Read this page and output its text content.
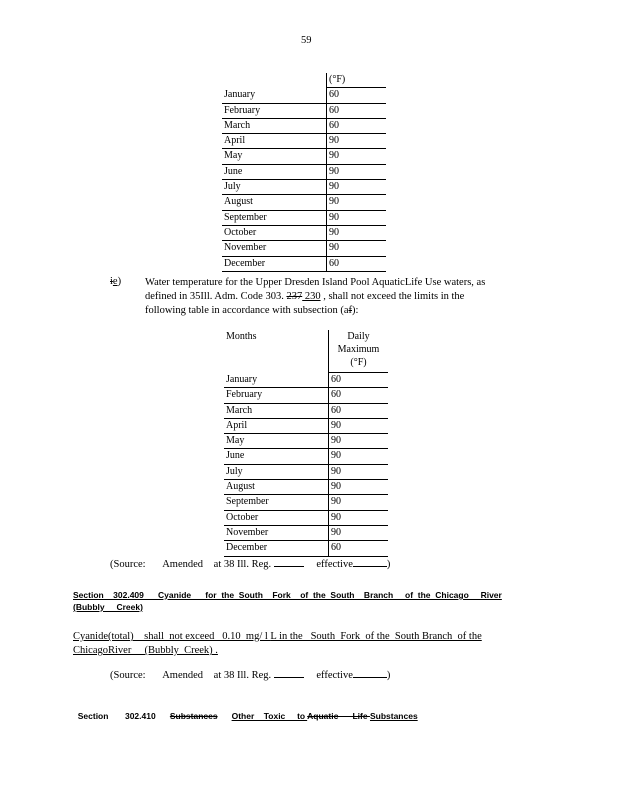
59
	(°F)
January	60
February	60
March	60
April	90
May	90
June	90
July	90
August	90
September	90
October	90
November	90
December	60
ie) Water temperature for the Upper Dresden Island Pool AquaticLife Use waters, as
defined in 35Ill. Adm. Code 303. 237 230 , shall not exceed the limits in the
following table in accordance with subsection (af):
Months	Daily
Maximum
(°F)

January	60
February	60
March	60
April	90
May	90
June	90
July	90
August	90
September	90
October	90
November	90
December	60
(Source: Amended at 38 Ill. Reg.	effective	)
Section    302.409      Cyanide      for  the  South    Fork    of  the  South    Branch     of  the  Chicago     River
(Bubbly     Creek)
Cyanide(total)    shall  not exceed   0.10  mg/ l L in the   South  Fork  of the  South Branch  of the
ChicagoRiver     (Bubbly  Creek) .
(Source: Amended at 38 Ill. Reg.	effective	)

Section       302.410      Substances Other    Toxic     to Aquatic      Life Substances
